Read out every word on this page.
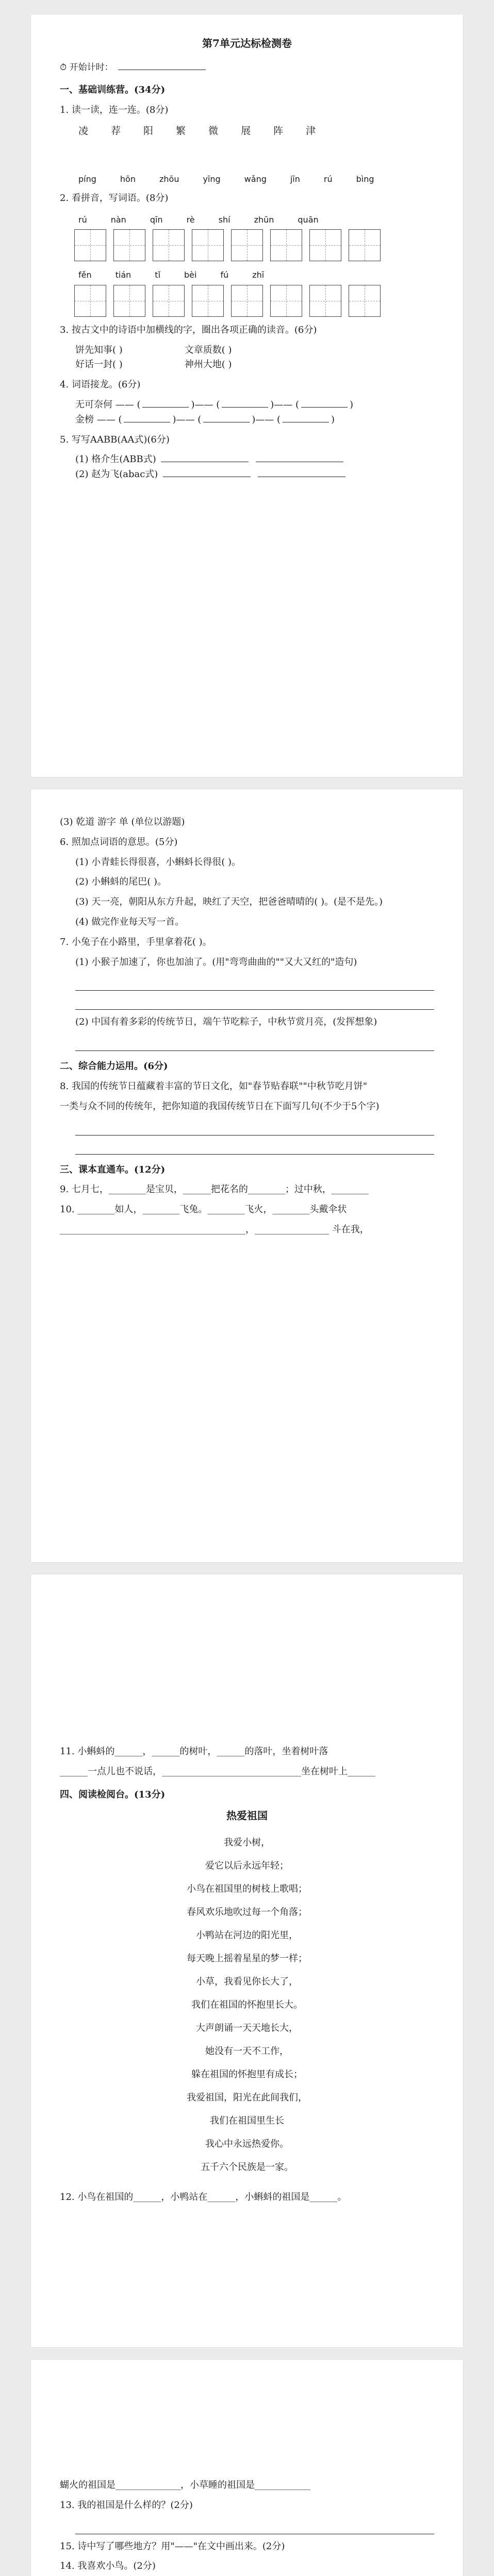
第7单元达标检测卷
⏱ 开始计时：
一、基础训练营。(34分)
1. 读一读，连一连。(8分)
凌 荐 阳 繁 微 展 阵 津
píng	hōn	zhōu	yīng	wǎng	jīn	rú	bìng
2. 看拼音，写词语。(8分)
rú	nàn	qīn	rè	shí	zhūn	quān
fěn	tián	tǐ	bèi	fú	zhī
3. 按古文中的诗语中加横线的字，圈出各项正确的读音。(6分)
饼先知事( )	文章质数( )
好话一封( )	神州大地( )
4. 词语接龙。(6分)
无可奈何 —— (	)—— (	)—— (	)
金榜 —— (	)—— (	)—— (	)
5. 写写AABB(AA式)(6分)
(1) 格介生(ABB式)
(2) 赵为飞(abac式)
(3) 乾道 游字 单 (单位以游题)
6. 照加点词语的意思。(5分)
(1) 小青蛙长得很喜，小蝌蚪长得很( )。
(2) 小蝌蚪的尾巴( )。
(3) 天一亮，朝阳从东方升起，映红了天空，把爸爸晴晴的( )。(是不是先。)
(4) 做完作业每天写一首。
7. 小兔子在小路里，手里拿着花( )。
(1) 小猴子加速了，你也加油了。(用"弯弯曲曲的""又大又红的"造句)
(2) 中国有着多彩的传统节日，端午节吃粽子，中秋节赏月亮，(发挥想象)
二、综合能力运用。(6分)
8. 我国的传统节日蕴藏着丰富的节日文化，如"春节贴春联""中秋节吃月饼"
一类与众不同的传统年，把你知道的我国传统节日在下面写几句(不少于5个字)
三、课本直通车。(12分)
9. 七月七，________是宝贝，______把花名的________；过中秋，________
10. ________如人，________飞兔。________飞火，________头戴伞状
________________________________________，________________ 斗在我，
11. 小蝌蚪的______，______的树叶，______的落叶，坐着树叶落
______一点儿也不说话，______________________________坐在树叶上______
四、阅读检阅台。(13分)
热爱祖国
我爱小树，
爱它以后永远年轻；
小鸟在祖国里的树枝上歌唱；
春风欢乐地吹过每一个角落；
小鸭站在河边的阳光里，
每天晚上摇着星星的梦一样；
小草，我看见你长大了，
我们在祖国的怀抱里长大。
大声朗诵一天天地长大，
她没有一天不工作，
躲在祖国的怀抱里有成长；
我爱祖国，阳光在此间我们，
我们在祖国里生长
我心中永远热爱你。
五千六个民族是一家。
12. 小鸟在祖国的______，小鸭站在______，小蝌蚪的祖国是______。
蝴火的祖国是______________，小草睡的祖国是____________
13. 我的祖国是什么样的？(2分)
15. 诗中写了哪些地方？用"——"在文中画出来。(2分)
14. 我喜欢小鸟。(2分)
